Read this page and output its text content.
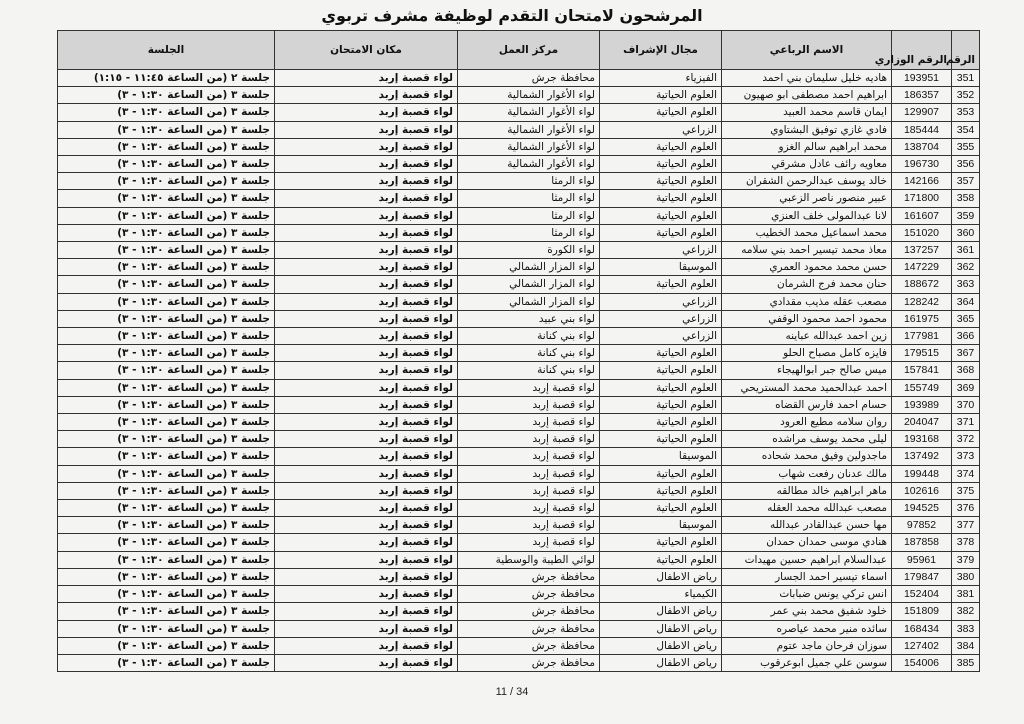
المرشحون لامتحان التقدم لوظيفة مشرف تربوي
الرقم	الرقم الوزاري	الاسم الرباعي	مجال الإشراف	مركز العمل	مكان الامتحان	الجلسة
351	193951	هاديه خليل سليمان بني احمد	الفيزياء	محافظة جرش	لواء قصبة إربد	جلسة ٢ (من الساعة ١١:٤٥ - ١:١٥)
352	186357	ابراهيم احمد مصطفى ابو صهيون	العلوم الحياتية	لواء الأغوار الشمالية	لواء قصبة إربد	جلسة ٣ (من الساعة ١:٣٠ - ٣)
353	129907	ايمان قاسم محمد العبيد	العلوم الحياتية	لواء الأغوار الشمالية	لواء قصبة إربد	جلسة ٣ (من الساعة ١:٣٠ - ٣)
354	185444	فادي غازي توفيق البشتاوي	الزراعي	لواء الأغوار الشمالية	لواء قصبة إربد	جلسة ٣ (من الساعة ١:٣٠ - ٣)
355	138704	محمد ابراهيم سالم الغزو	العلوم الحياتية	لواء الأغوار الشمالية	لواء قصبة إربد	جلسة ٣ (من الساعة ١:٣٠ - ٣)
356	196730	معاويه رائف عادل مشرقي	العلوم الحياتية	لواء الأغوار الشمالية	لواء قصبة إربد	جلسة ٣ (من الساعة ١:٣٠ - ٣)
357	142166	خالد يوسف عبدالرحمن الشقران	العلوم الحياتية	لواء الرمثا	لواء قصبة إربد	جلسة ٣ (من الساعة ١:٣٠ - ٣)
358	171800	عبير منصور ناصر الزعبي	العلوم الحياتية	لواء الرمثا	لواء قصبة إربد	جلسة ٣ (من الساعة ١:٣٠ - ٣)
359	161607	لانا عبدالمولى خلف العنزي	العلوم الحياتية	لواء الرمثا	لواء قصبة إربد	جلسة ٣ (من الساعة ١:٣٠ - ٣)
360	151020	محمد اسماعيل محمد الخطيب	العلوم الحياتية	لواء الرمثا	لواء قصبة إربد	جلسة ٣ (من الساعة ١:٣٠ - ٣)
361	137257	معاذ محمد تيسير احمد بني سلامه	الزراعي	لواء الكورة	لواء قصبة إربد	جلسة ٣ (من الساعة ١:٣٠ - ٣)
362	147229	حسن محمد محمود العمري	الموسيقا	لواء المزار الشمالي	لواء قصبة إربد	جلسة ٣ (من الساعة ١:٣٠ - ٣)
363	188672	حنان محمد فرج الشرمان	العلوم الحياتية	لواء المزار الشمالي	لواء قصبة إربد	جلسة ٣ (من الساعة ١:٣٠ - ٣)
364	128242	مصعب عقله مذيب مقدادي	الزراعي	لواء المزار الشمالي	لواء قصبة إربد	جلسة ٣ (من الساعة ١:٣٠ - ٣)
365	161975	محمود احمد محمود الوقفي	الزراعي	لواء بني عبيد	لواء قصبة إربد	جلسة ٣ (من الساعة ١:٣٠ - ٣)
366	177981	زين احمد عبدالله عباينه	الزراعي	لواء بني كنانة	لواء قصبة إربد	جلسة ٣ (من الساعة ١:٣٠ - ٣)
367	179515	فايزه كامل مصباح الحلو	العلوم الحياتية	لواء بني كنانة	لواء قصبة إربد	جلسة ٣ (من الساعة ١:٣٠ - ٣)
368	157841	ميس صالح جبر ابوالهيجاء	العلوم الحياتية	لواء بني كنانة	لواء قصبة إربد	جلسة ٣ (من الساعة ١:٣٠ - ٣)
369	155749	احمد عبدالحميد محمد المستريحي	العلوم الحياتية	لواء قصبة إربد	لواء قصبة إربد	جلسة ٣ (من الساعة ١:٣٠ - ٣)
370	193989	حسام احمد فارس القضاه	العلوم الحياتية	لواء قصبة إربد	لواء قصبة إربد	جلسة ٣ (من الساعة ١:٣٠ - ٣)
371	204047	روان سلامه مطيع العرود	العلوم الحياتية	لواء قصبة إربد	لواء قصبة إربد	جلسة ٣ (من الساعة ١:٣٠ - ٣)
372	193168	ليلى محمد يوسف مراشده	العلوم الحياتية	لواء قصبة إربد	لواء قصبة إربد	جلسة ٣ (من الساعة ١:٣٠ - ٣)
373	137492	ماجدولين وفيق محمد شحاده	الموسيقا	لواء قصبة إربد	لواء قصبة إربد	جلسة ٣ (من الساعة ١:٣٠ - ٣)
374	199448	مالك عدنان رفعت شهاب	العلوم الحياتية	لواء قصبة إربد	لواء قصبة إربد	جلسة ٣ (من الساعة ١:٣٠ - ٣)
375	102616	ماهر ابراهيم خالد مطالقه	العلوم الحياتية	لواء قصبة إربد	لواء قصبة إربد	جلسة ٣ (من الساعة ١:٣٠ - ٣)
376	194525	مصعب عبدالله محمد العقله	العلوم الحياتية	لواء قصبة إربد	لواء قصبة إربد	جلسة ٣ (من الساعة ١:٣٠ - ٣)
377	97852	مها حسن عبدالقادر عبدالله	الموسيقا	لواء قصبة إربد	لواء قصبة إربد	جلسة ٣ (من الساعة ١:٣٠ - ٣)
378	187858	هنادي موسى حمدان حمدان	العلوم الحياتية	لواء قصبة إربد	لواء قصبة إربد	جلسة ٣ (من الساعة ١:٣٠ - ٣)
379	95961	عبدالسلام ابراهيم حسين مهيدات	العلوم الحياتية	لوائي الطيبة والوسطية	لواء قصبة إربد	جلسة ٣ (من الساعة ١:٣٠ - ٣)
380	179847	اسماء تيسير احمد الجسار	رياض الاطفال	محافظة جرش	لواء قصبة إربد	جلسة ٣ (من الساعة ١:٣٠ - ٣)
381	152404	انس تركي يونس ضبابات	الكيمياء	محافظة جرش	لواء قصبة إربد	جلسة ٣ (من الساعة ١:٣٠ - ٣)
382	151809	خلود شفيق محمد بني عمر	رياض الاطفال	محافظة جرش	لواء قصبة إربد	جلسة ٣ (من الساعة ١:٣٠ - ٣)
383	168434	سائده منير محمد عياصره	رياض الاطفال	محافظة جرش	لواء قصبة إربد	جلسة ٣ (من الساعة ١:٣٠ - ٣)
384	127402	سوزان فرحان ماجد عتوم	رياض الاطفال	محافظة جرش	لواء قصبة إربد	جلسة ٣ (من الساعة ١:٣٠ - ٣)
385	154006	سوسن علي جميل ابوعرقوب	رياض الاطفال	محافظة جرش	لواء قصبة إربد	جلسة ٣ (من الساعة ١:٣٠ - ٣)
11 / 34
